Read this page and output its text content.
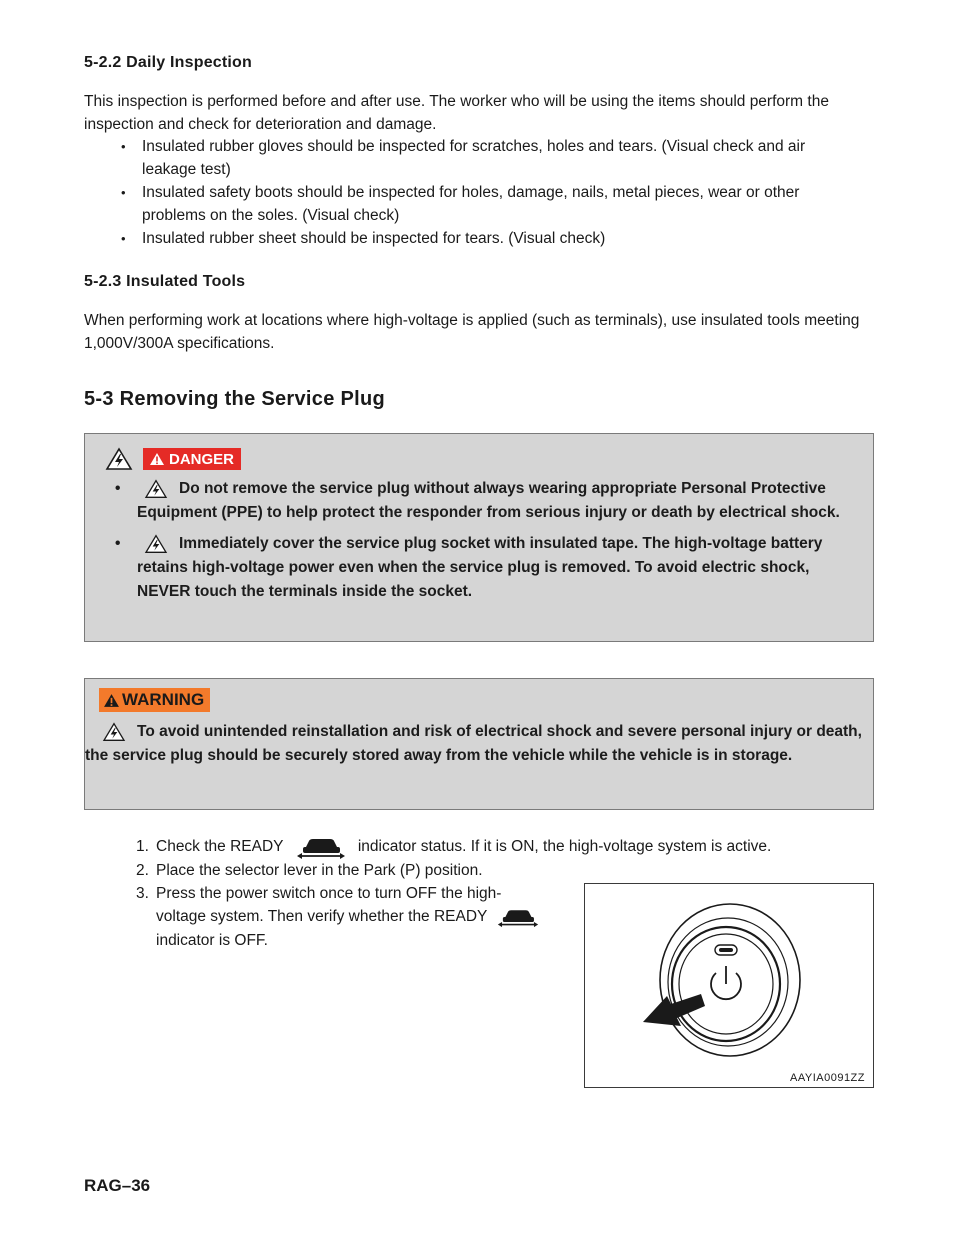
5-2.2 Daily Inspection
This inspection is performed before and after use. The worker who will be using the items should perform the inspection and check for deterioration and damage.
• Insulated rubber gloves should be inspected for scratches, holes and tears. (Visual check and air leakage test)
• Insulated safety boots should be inspected for holes, damage, nails, metal pieces, wear or other problems on the soles. (Visual check)
• Insulated rubber sheet should be inspected for tears. (Visual check)
5-2.3 Insulated Tools
When performing work at locations where high-voltage is applied (such as terminals), use insulated tools meeting 1,000V/300A specifications.
5-3 Removing the Service Plug
DANGER
•	Do not remove the service plug without always wearing appropriate Personal Protective Equipment (PPE) to help protect the responder from serious injury or death by electrical shock.
•	Immediately cover the service plug socket with insulated tape. The high-voltage battery retains high-voltage power even when the service plug is removed. To avoid electric shock, NEVER touch the terminals inside the socket.
WARNING
To avoid unintended reinstallation and risk of electrical shock and severe personal injury or death, the service plug should be securely stored away from the vehicle while the vehicle is in storage.
1. Check the READY	indicator status. If it is ON, the high-voltage system is active.
2. Place the selector lever in the Park (P) position.
3. Press the power switch once to turn OFF the high-
voltage system. Then verify whether the READY
indicator is OFF.
AAYIA0091ZZ
RAG–36
